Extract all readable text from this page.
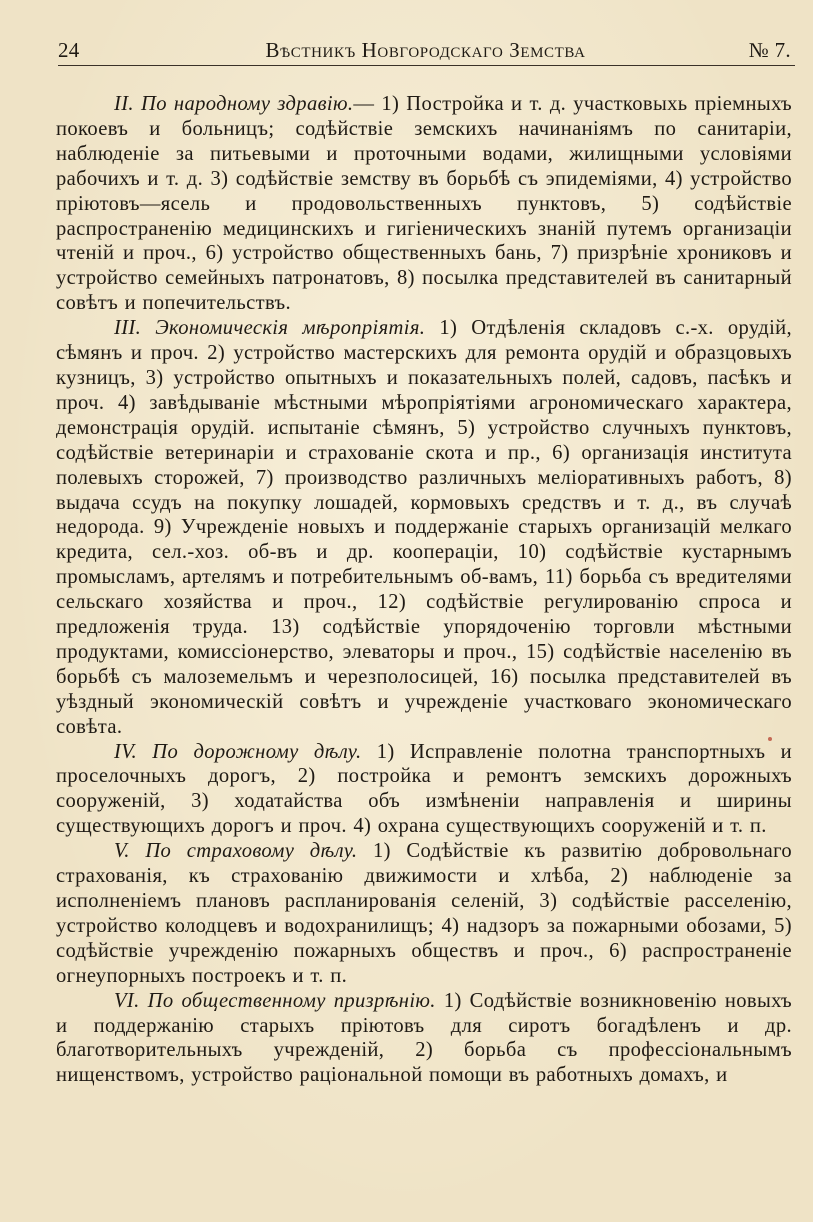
24	Вѣстникъ Новгородскаго Земства	№ 7.

II. По народному здравію.— 1) Постройка и т. д. участковыхь пріемныхъ покоевъ и больницъ; содѣйствіе земскихъ начинаніямъ по санитаріи, наблюденіе за питьевыми и проточными водами, жилищными условіями рабочихъ и т. д. 3) содѣйствіе земству въ борьбѣ съ эпидеміями, 4) устройство пріютовъ—ясель и продовольственныхъ пунктовъ, 5) содѣйствіе распространенію медицинскихъ и гигіеническихъ знаній путемъ организаціи чтеній и проч., 6) устройство общественныхъ бань, 7) призрѣніе хрониковъ и устройство семейныхъ патронатовъ, 8) посылка представителей въ санитарный совѣтъ и попечительствъ.

III. Экономическія мѣропріятія. 1) Отдѣленія складовъ с.-х. орудій, сѣмянъ и проч. 2) устройство мастерскихъ для ремонта орудій и образцовыхъ кузницъ, 3) устройство опытныхъ и показательныхъ полей, садовъ, пасѣкъ и проч. 4) завѣдываніе мѣстными мѣропріятіями агрономическаго характера, демонстрація орудій. испытаніе сѣмянъ, 5) устройство случныхъ пунктовъ, содѣйствіе ветеринаріи и страхованіе скота и пр., 6) организація института полевыхъ сторожей, 7) производство различныхъ меліоративныхъ работъ, 8) выдача ссудъ на покупку лошадей, кормовыхъ средствъ и т. д., въ случаѣ недорода. 9) Учрежденіе новыхъ и поддержаніе старыхъ организацій мелкаго кредита, сел.-хоз. об-въ и др. коопераціи, 10) содѣйствіе кустарнымъ промысламъ, артелямъ и потребительнымъ об-вамъ, 11) борьба съ вредителями сельскаго хозяйства и проч., 12) содѣйствіе регулированію спроса и предложенія труда. 13) содѣйствіе упорядоченію торговли мѣстными продуктами, комиссіонерство, элеваторы и проч., 15) содѣйствіе населенію въ борьбѣ съ малоземельмъ и черезполосицей, 16) посылка представителей въ уѣздный экономическій совѣтъ и учрежденіе участковаго экономическаго совѣта.

IV. По дорожному дѣлу. 1) Исправленіе полотна транспортныхъ и проселочныхъ дорогъ, 2) постройка и ремонтъ земскихъ дорожныхъ сооруженій, 3) ходатайства объ измѣненіи направленія и ширины существующихъ дорогъ и проч. 4) охрана существующихъ сооруженій и т. п.

V. По страховому дѣлу. 1) Содѣйствіе къ развитію добровольнаго страхованія, къ страхованію движимости и хлѣба, 2) наблюденіе за исполненіемъ плановъ распланированія селеній, 3) содѣйствіе расселенію, устройство колодцевъ и водохранилищъ; 4) надзоръ за пожарными обозами, 5) содѣйствіе учрежденію пожарныхъ обществъ и проч., 6) распространеніе огнеупорныхъ построекъ и т. п.

VI. По общественному призрѣнію. 1) Содѣйствіе возникновенію новыхъ и поддержанію старыхъ пріютовъ для сиротъ богадѣленъ и др. благотворительныхъ учрежденій, 2) борьба съ профессіональнымъ нищенствомъ, устройство раціональной помощи въ работныхъ домахъ, и
